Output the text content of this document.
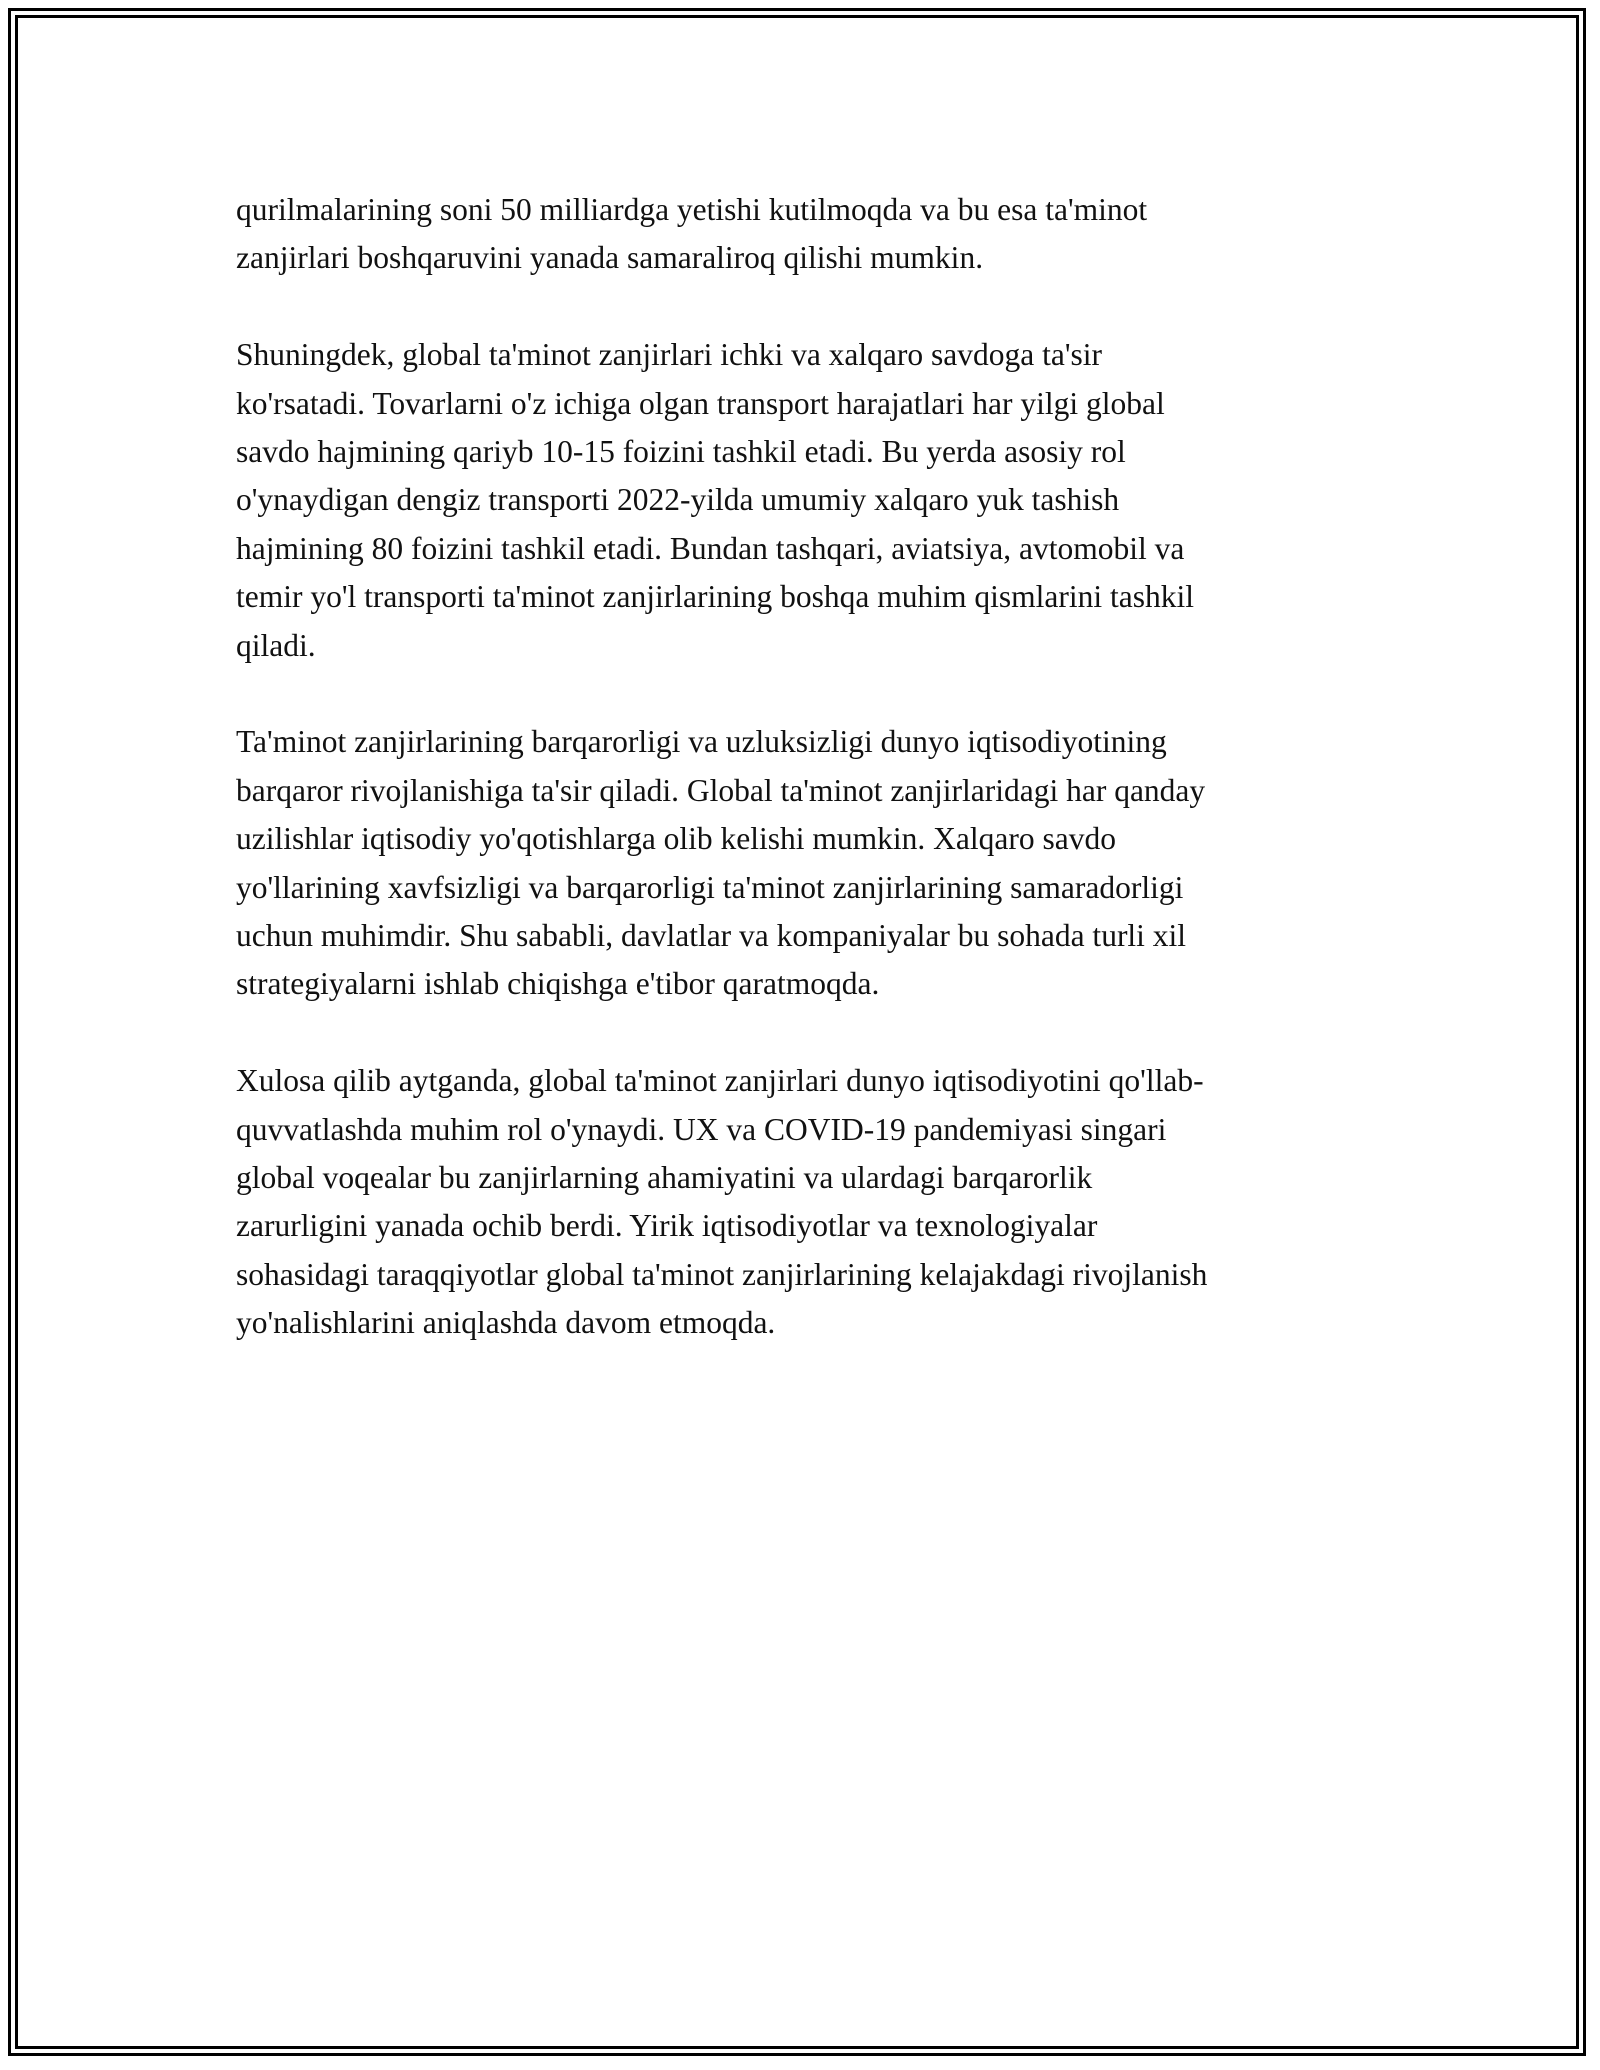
qurilmalarining soni 50 milliardga yetishi kutilmoqda va bu esa ta'minot
zanjirlari boshqaruvini yanada samaraliroq qilishi mumkin.

Shuningdek, global ta'minot zanjirlari ichki va xalqaro savdoga ta'sir
ko'rsatadi. Tovarlarni o'z ichiga olgan transport harajatlari har yilgi global
savdo hajmining qariyb 10-15 foizini tashkil etadi. Bu yerda asosiy rol
o'ynaydigan dengiz transporti 2022-yilda umumiy xalqaro yuk tashish
hajmining 80 foizini tashkil etadi. Bundan tashqari, aviatsiya, avtomobil va
temir yo'l transporti ta'minot zanjirlarining boshqa muhim qismlarini tashkil
qiladi.

Ta'minot zanjirlarining barqarorligi va uzluksizligi dunyo iqtisodiyotining
barqaror rivojlanishiga ta'sir qiladi. Global ta'minot zanjirlaridagi har qanday
uzilishlar iqtisodiy yo'qotishlarga olib kelishi mumkin. Xalqaro savdo
yo'llarining xavfsizligi va barqarorligi ta'minot zanjirlarining samaradorligi
uchun muhimdir. Shu sababli, davlatlar va kompaniyalar bu sohada turli xil
strategiyalarni ishlab chiqishga e'tibor qaratmoqda.

Xulosa qilib aytganda, global ta'minot zanjirlari dunyo iqtisodiyotini qo'llab-
quvvatlashda muhim rol o'ynaydi. UX va COVID-19 pandemiyasi singari
global voqealar bu zanjirlarning ahamiyatini va ulardagi barqarorlik
zarurligini yanada ochib berdi. Yirik iqtisodiyotlar va texnologiyalar
sohasidagi taraqqiyotlar global ta'minot zanjirlarining kelajakdagi rivojlanish
yo'nalishlarini aniqlashda davom etmoqda.
